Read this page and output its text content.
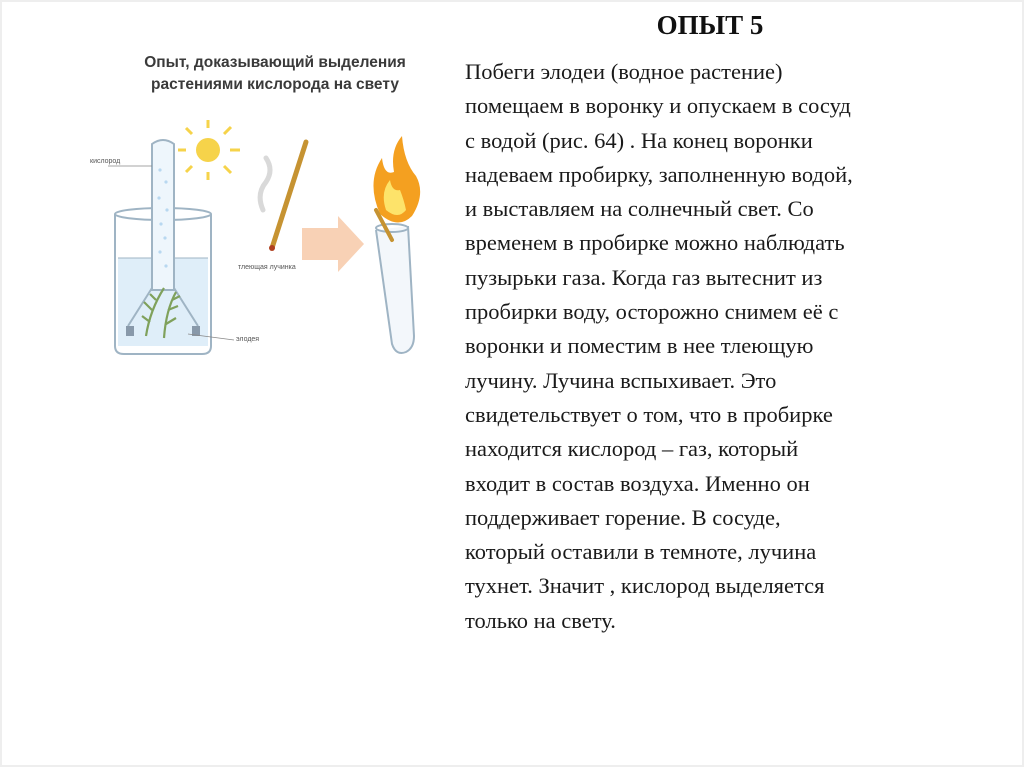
Опыт, доказывающий выделения
растениями кислорода на свету
кислород
тлеющая лучинка
элодея
ОПЫТ 5
Побеги элодеи (водное растение)
помещаем в воронку и опускаем в сосуд
с водой (рис. 64) . На конец воронки
надеваем пробирку, заполненную водой,
и выставляем на солнечный свет. Со
временем в пробирке можно наблюдать
пузырьки газа. Когда газ вытеснит из
пробирки воду, осторожно снимем её с
воронки и поместим в нее тлеющую
лучину. Лучина вспыхивает. Это
свидетельствует о том, что в пробирке
находится кислород – газ, который
входит в состав воздуха. Именно он
поддерживает горение. В сосуде,
который оставили в темноте, лучина
тухнет. Значит , кислород выделяется
только на свету.
